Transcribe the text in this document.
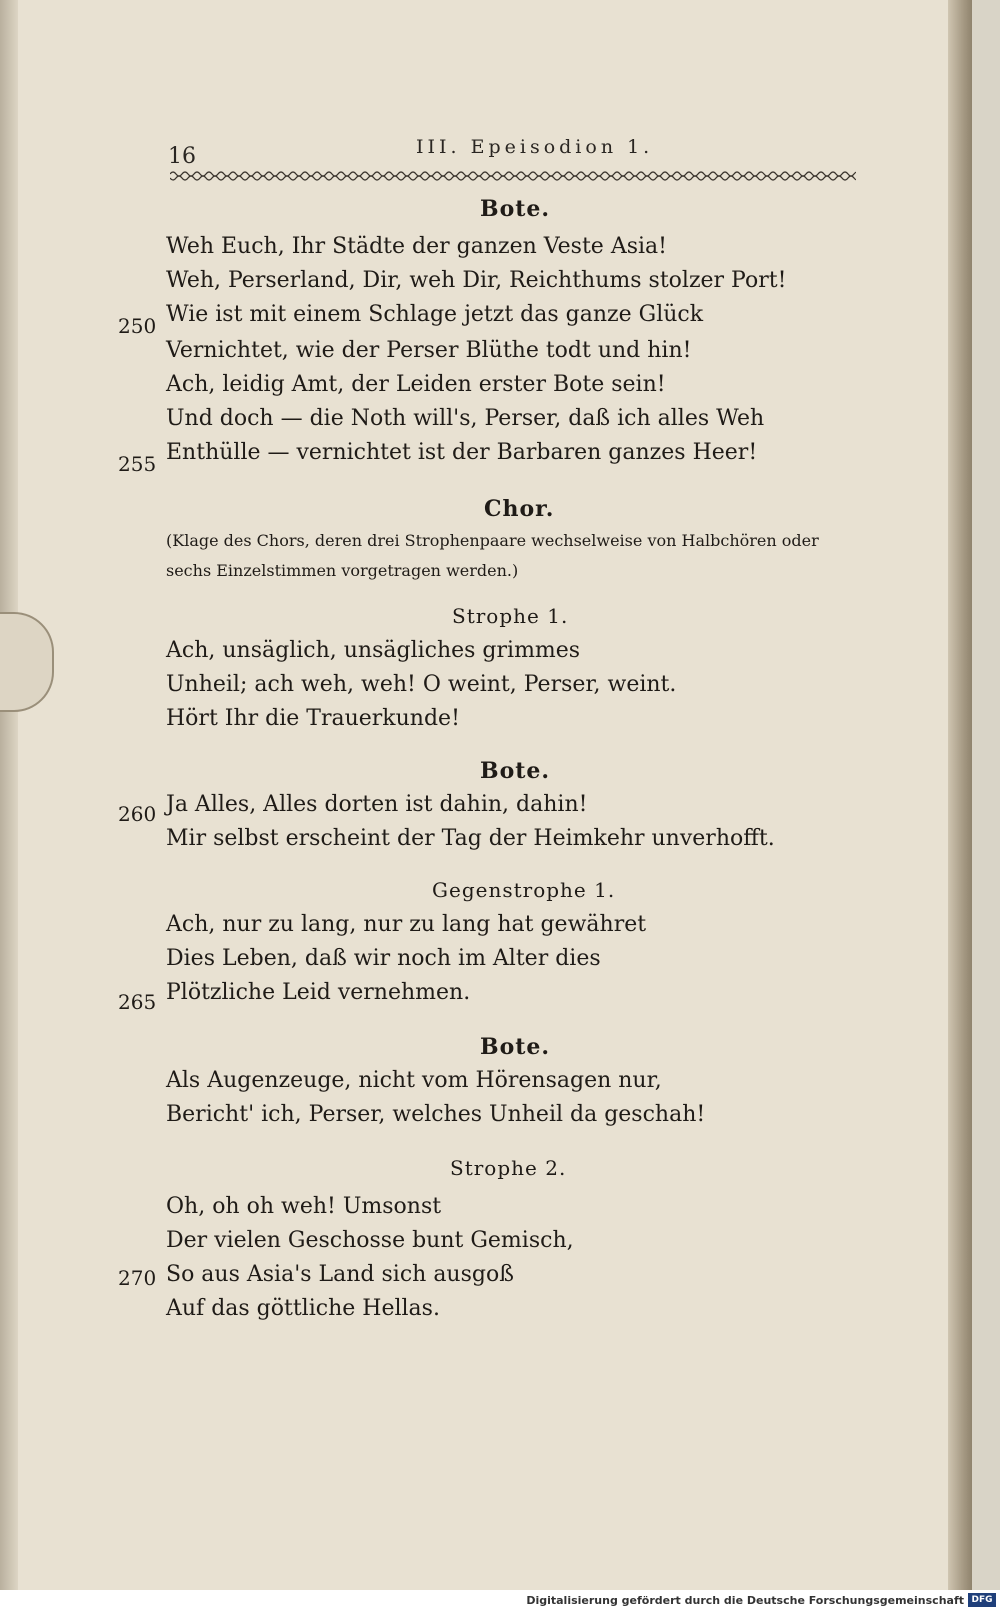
16	III. Epeisodion 1.
Bote.
Weh Euch, Ihr Städte der ganzen Veste Asia!
Weh, Perserland, Dir, weh Dir, Reichthums stolzer Port!
250 Wie ist mit einem Schlage jetzt das ganze Glück
Vernichtet, wie der Perser Blüthe todt und hin!
Ach, leidig Amt, der Leiden erster Bote sein!
Und doch — die Noth will's, Perser, daß ich alles Weh
255 Enthülle — vernichtet ist der Barbaren ganzes Heer!
Chor.
(Klage des Chors, deren drei Strophenpaare wechselweise von Halbchören oder sechs Einzelstimmen vorgetragen werden.)
Strophe 1.
Ach, unsäglich, unsägliches grimmes
Unheil; ach weh, weh! O weint, Perser, weint.
Hört Ihr die Trauerkunde!
Bote.
260 Ja Alles, Alles dorten ist dahin, dahin!
Mir selbst erscheint der Tag der Heimkehr unverhofft.
Gegenstrophe 1.
Ach, nur zu lang, nur zu lang hat gewähret
Dies Leben, daß wir noch im Alter dies
265 Plötzliche Leid vernehmen.
Bote.
Als Augenzeuge, nicht vom Hörensagen nur,
Bericht' ich, Perser, welches Unheil da geschah!
Strophe 2.
Oh, oh oh weh! Umsonst
Der vielen Geschosse bunt Gemisch,
270 So aus Asia's Land sich ausgoß
Auf das göttliche Hellas.
Digitalisierung gefördert durch die Deutsche Forschungsgemeinschaft DFG
